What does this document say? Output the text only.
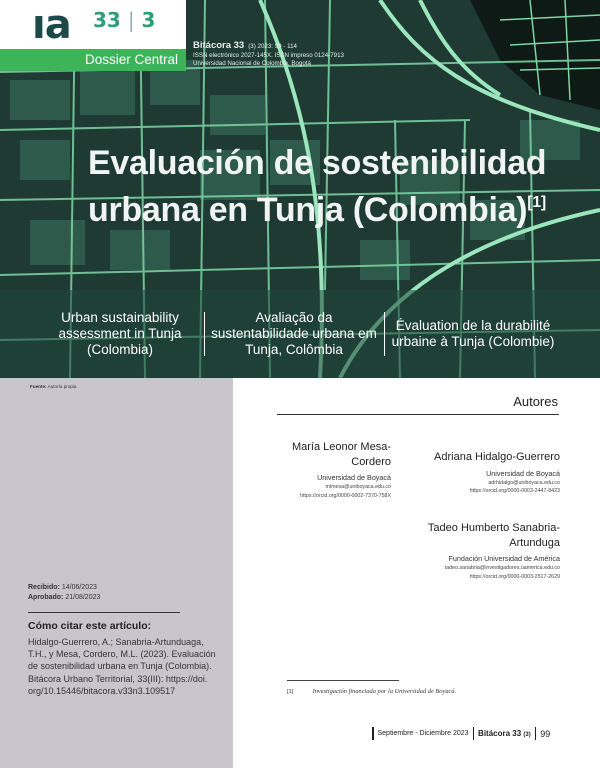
ıa 33 | 3
Dossier Central
Bitácora 33 (3) 2023: 99 - 114
ISSN electrónico 2027-145X. ISSN impreso 0124-7913
Universidad Nacional de Colombia, Bogotá
Evaluación de sostenibilidad
urbana en Tunja (Colombia)[1]
Urban sustainability
assessment in Tunja
(Colombia)
Avaliação da
sustentabilidade urbana em
Tunja, Colômbia
Évaluation de la durabilité
urbaine à Tunja (Colombie)
Fuente: Autoría propia
Recibido: 14/06/2023
Aprobado: 21/08/2023
Cómo citar este artículo:
Hidalgo-Guerrero, A.; Sanabria-Artunduaga,
T.H., y Mesa, Cordero, M.L. (2023). Evaluación
de sostenibilidad urbana en Tunja (Colombia).
Bitácora Urbano Territorial, 33(III): https://doi.
org/10.15446/bitacora.v33n3.109517
Autores
María Leonor Mesa-
Cordero
Universidad de Boyacá
mlmesa@uniboyaca.edu.co
https://orcid.org/0000-0002-7370-758X
Adriana Hidalgo-Guerrero
Universidad de Boyacá
adrhidalgo@uniboyaca.edu.co
https://orcid.org/0000-0003-2447-8423
Tadeo Humberto Sanabria-
Artunduga
Fundación Universidad de América
tadeo.sanabria@investigadores.uamerica.edu.co
https://orcid.org/0000-0003-2517-2629
[1]	Investigación financiada por la Universidad de Boyacá.
Septiembre - Diciembre 2023 Bitácora 33 (3) 99
